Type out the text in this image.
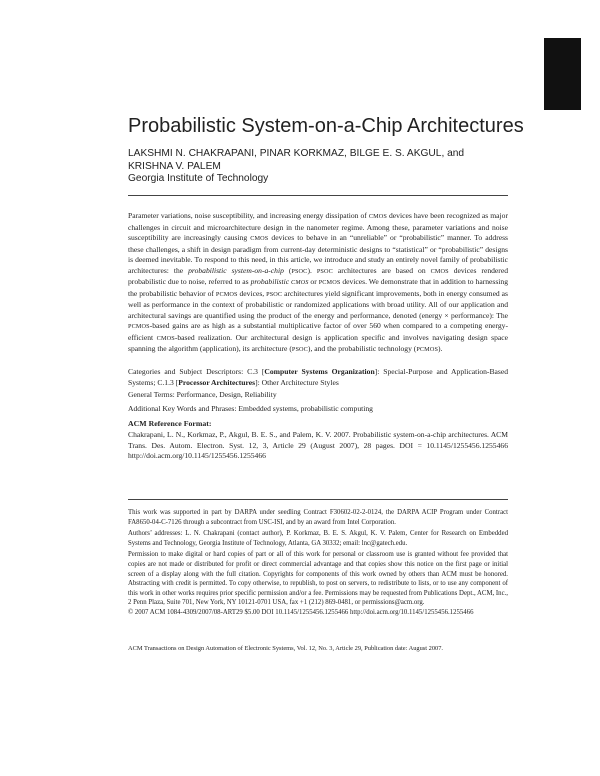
Probabilistic System-on-a-Chip Architectures
LAKSHMI N. CHAKRAPANI, PINAR KORKMAZ, BILGE E. S. AKGUL, and
KRISHNA V. PALEM
Georgia Institute of Technology

Parameter variations, noise susceptibility, and increasing energy dissipation of CMOS devices have been recognized as major challenges in circuit and microarchitecture design in the nanometer regime. Among these, parameter variations and noise susceptibility are increasingly causing CMOS devices to behave in an “unreliable” or “probabilistic” manner. To address these challenges, a shift in design paradigm from current-day deterministic designs to “statistical” or “probabilistic” designs is deemed inevitable. To respond to this need, in this article, we introduce and study an entirely novel family of probabilistic architectures: the probabilistic system-on-a-chip (PSOC). PSOC architectures are based on CMOS devices rendered probabilistic due to noise, referred to as probabilistic CMOS or PCMOS devices. We demonstrate that in addition to harnessing the probabilistic behavior of PCMOS devices, PSOC architectures yield significant improvements, both in energy consumed as well as performance in the context of probabilistic or randomized applications with broad utility. All of our application and architectural savings are quantified using the product of the energy and performance, denoted (energy × performance): The PCMOS-based gains are as high as a substantial multiplicative factor of over 560 when compared to a competing energy-efficient CMOS-based realization. Our architectural design is application specific and involves navigating design space spanning the algorithm (application), its architecture (PSOC), and the probabilistic technology (PCMOS).

Categories and Subject Descriptors: C.3 [Computer Systems Organization]: Special-Purpose and Application-Based Systems; C.1.3 [Processor Architectures]: Other Architecture Styles

General Terms: Performance, Design, Reliability

Additional Key Words and Phrases: Embedded systems, probabilistic computing

ACM Reference Format:

Chakrapani, L. N., Korkmaz, P., Akgul, B. E. S., and Palem, K. V. 2007. Probabilistic system-on-a-chip architectures. ACM Trans. Des. Autom. Electron. Syst. 12, 3, Article 29 (August 2007), 28 pages. DOI = 10.1145/1255456.1255466 http://doi.acm.org/10.1145/1255456.1255466

This work was supported in part by DARPA under seedling Contract F30602-02-2-0124, the DARPA ACIP Program under Contract FA8650-04-C-7126 through a subcontract from USC-ISI, and by an award from Intel Corporation.
Authors’ addresses: L. N. Chakrapani (contact author), P. Korkmaz, B. E. S. Akgul, K. V. Palem, Center for Research on Embedded Systems and Technology, Georgia Institute of Technology, Atlanta, GA 30332; email: lnc@gatech.edu.
Permission to make digital or hard copies of part or all of this work for personal or classroom use is granted without fee provided that copies are not made or distributed for profit or direct commercial advantage and that copies show this notice on the first page or initial screen of a display along with the full citation. Copyrights for components of this work owned by others than ACM must be honored. Abstracting with credit is permitted. To copy otherwise, to republish, to post on servers, to redistribute to lists, or to use any component of this work in other works requires prior specific permission and/or a fee. Permissions may be requested from Publications Dept., ACM, Inc., 2 Penn Plaza, Suite 701, New York, NY 10121-0701 USA, fax +1 (212) 869-0481, or permissions@acm.org.
© 2007 ACM 1084-4309/2007/08-ART29 $5.00 DOI 10.1145/1255456.1255466 http://doi.acm.org/10.1145/1255456.1255466

ACM Transactions on Design Automation of Electronic Systems, Vol. 12, No. 3, Article 29, Publication date: August 2007.
